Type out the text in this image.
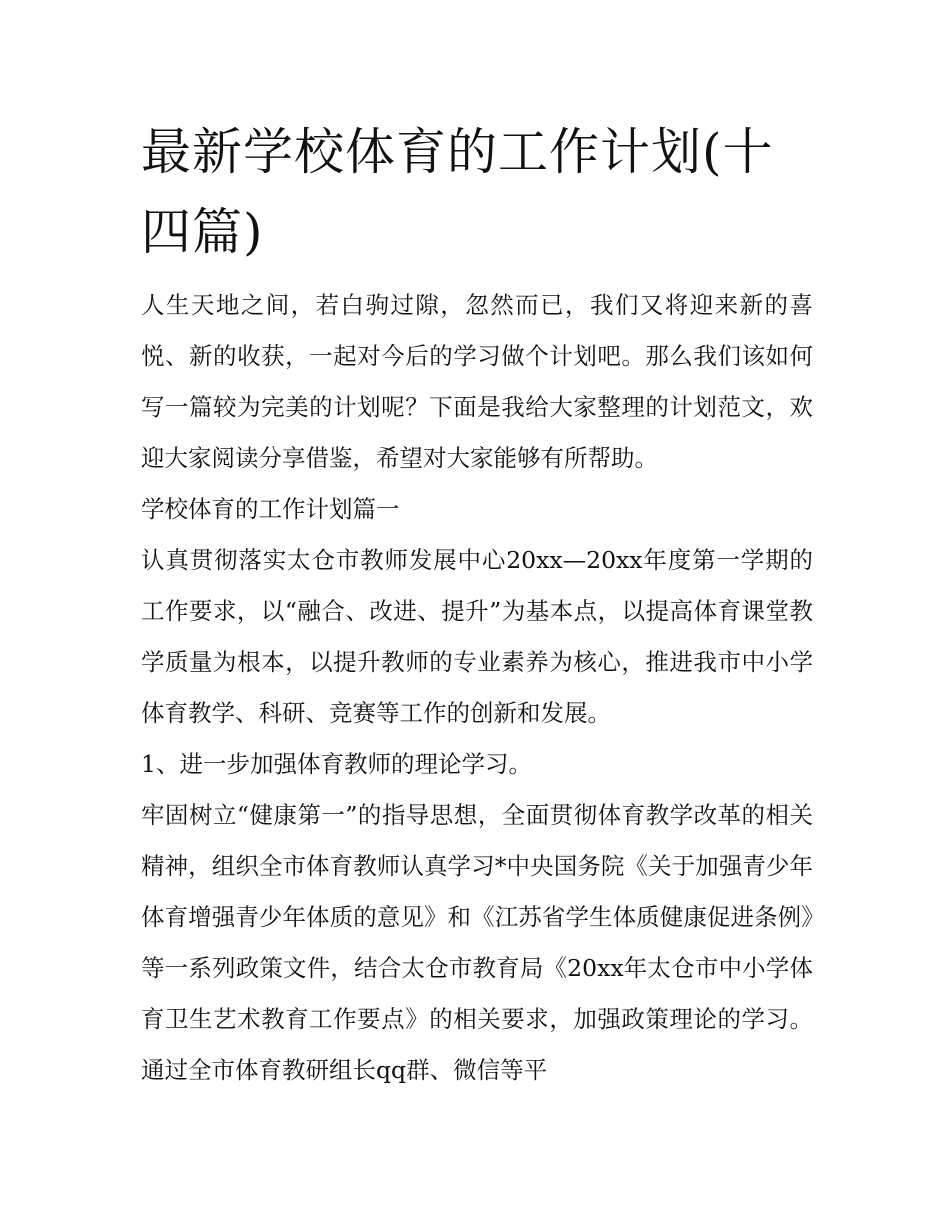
最新学校体育的工作计划(十四篇)

人生天地之间，若白驹过隙，忽然而已，我们又将迎来新的喜悦、新的收获，一起对今后的学习做个计划吧。那么我们该如何写一篇较为完美的计划呢？下面是我给大家整理的计划范文，欢迎大家阅读分享借鉴，希望对大家能够有所帮助。

学校体育的工作计划篇一

认真贯彻落实太仓市教师发展中心20xx—20xx年度第一学期的工作要求，以“融合、改进、提升”为基本点，以提高体育课堂教学质量为根本，以提升教师的专业素养为核心，推进我市中小学体育教学、科研、竞赛等工作的创新和发展。

1、进一步加强体育教师的理论学习。

牢固树立“健康第一”的指导思想，全面贯彻体育教学改革的相关精神，组织全市体育教师认真学习*中央国务院《关于加强青少年体育增强青少年体质的意见》和《江苏省学生体质健康促进条例》等一系列政策文件，结合太仓市教育局《20xx年太仓市中小学体育卫生艺术教育工作要点》的相关要求，加强政策理论的学习。通过全市体育教研组长qq群、微信等平
